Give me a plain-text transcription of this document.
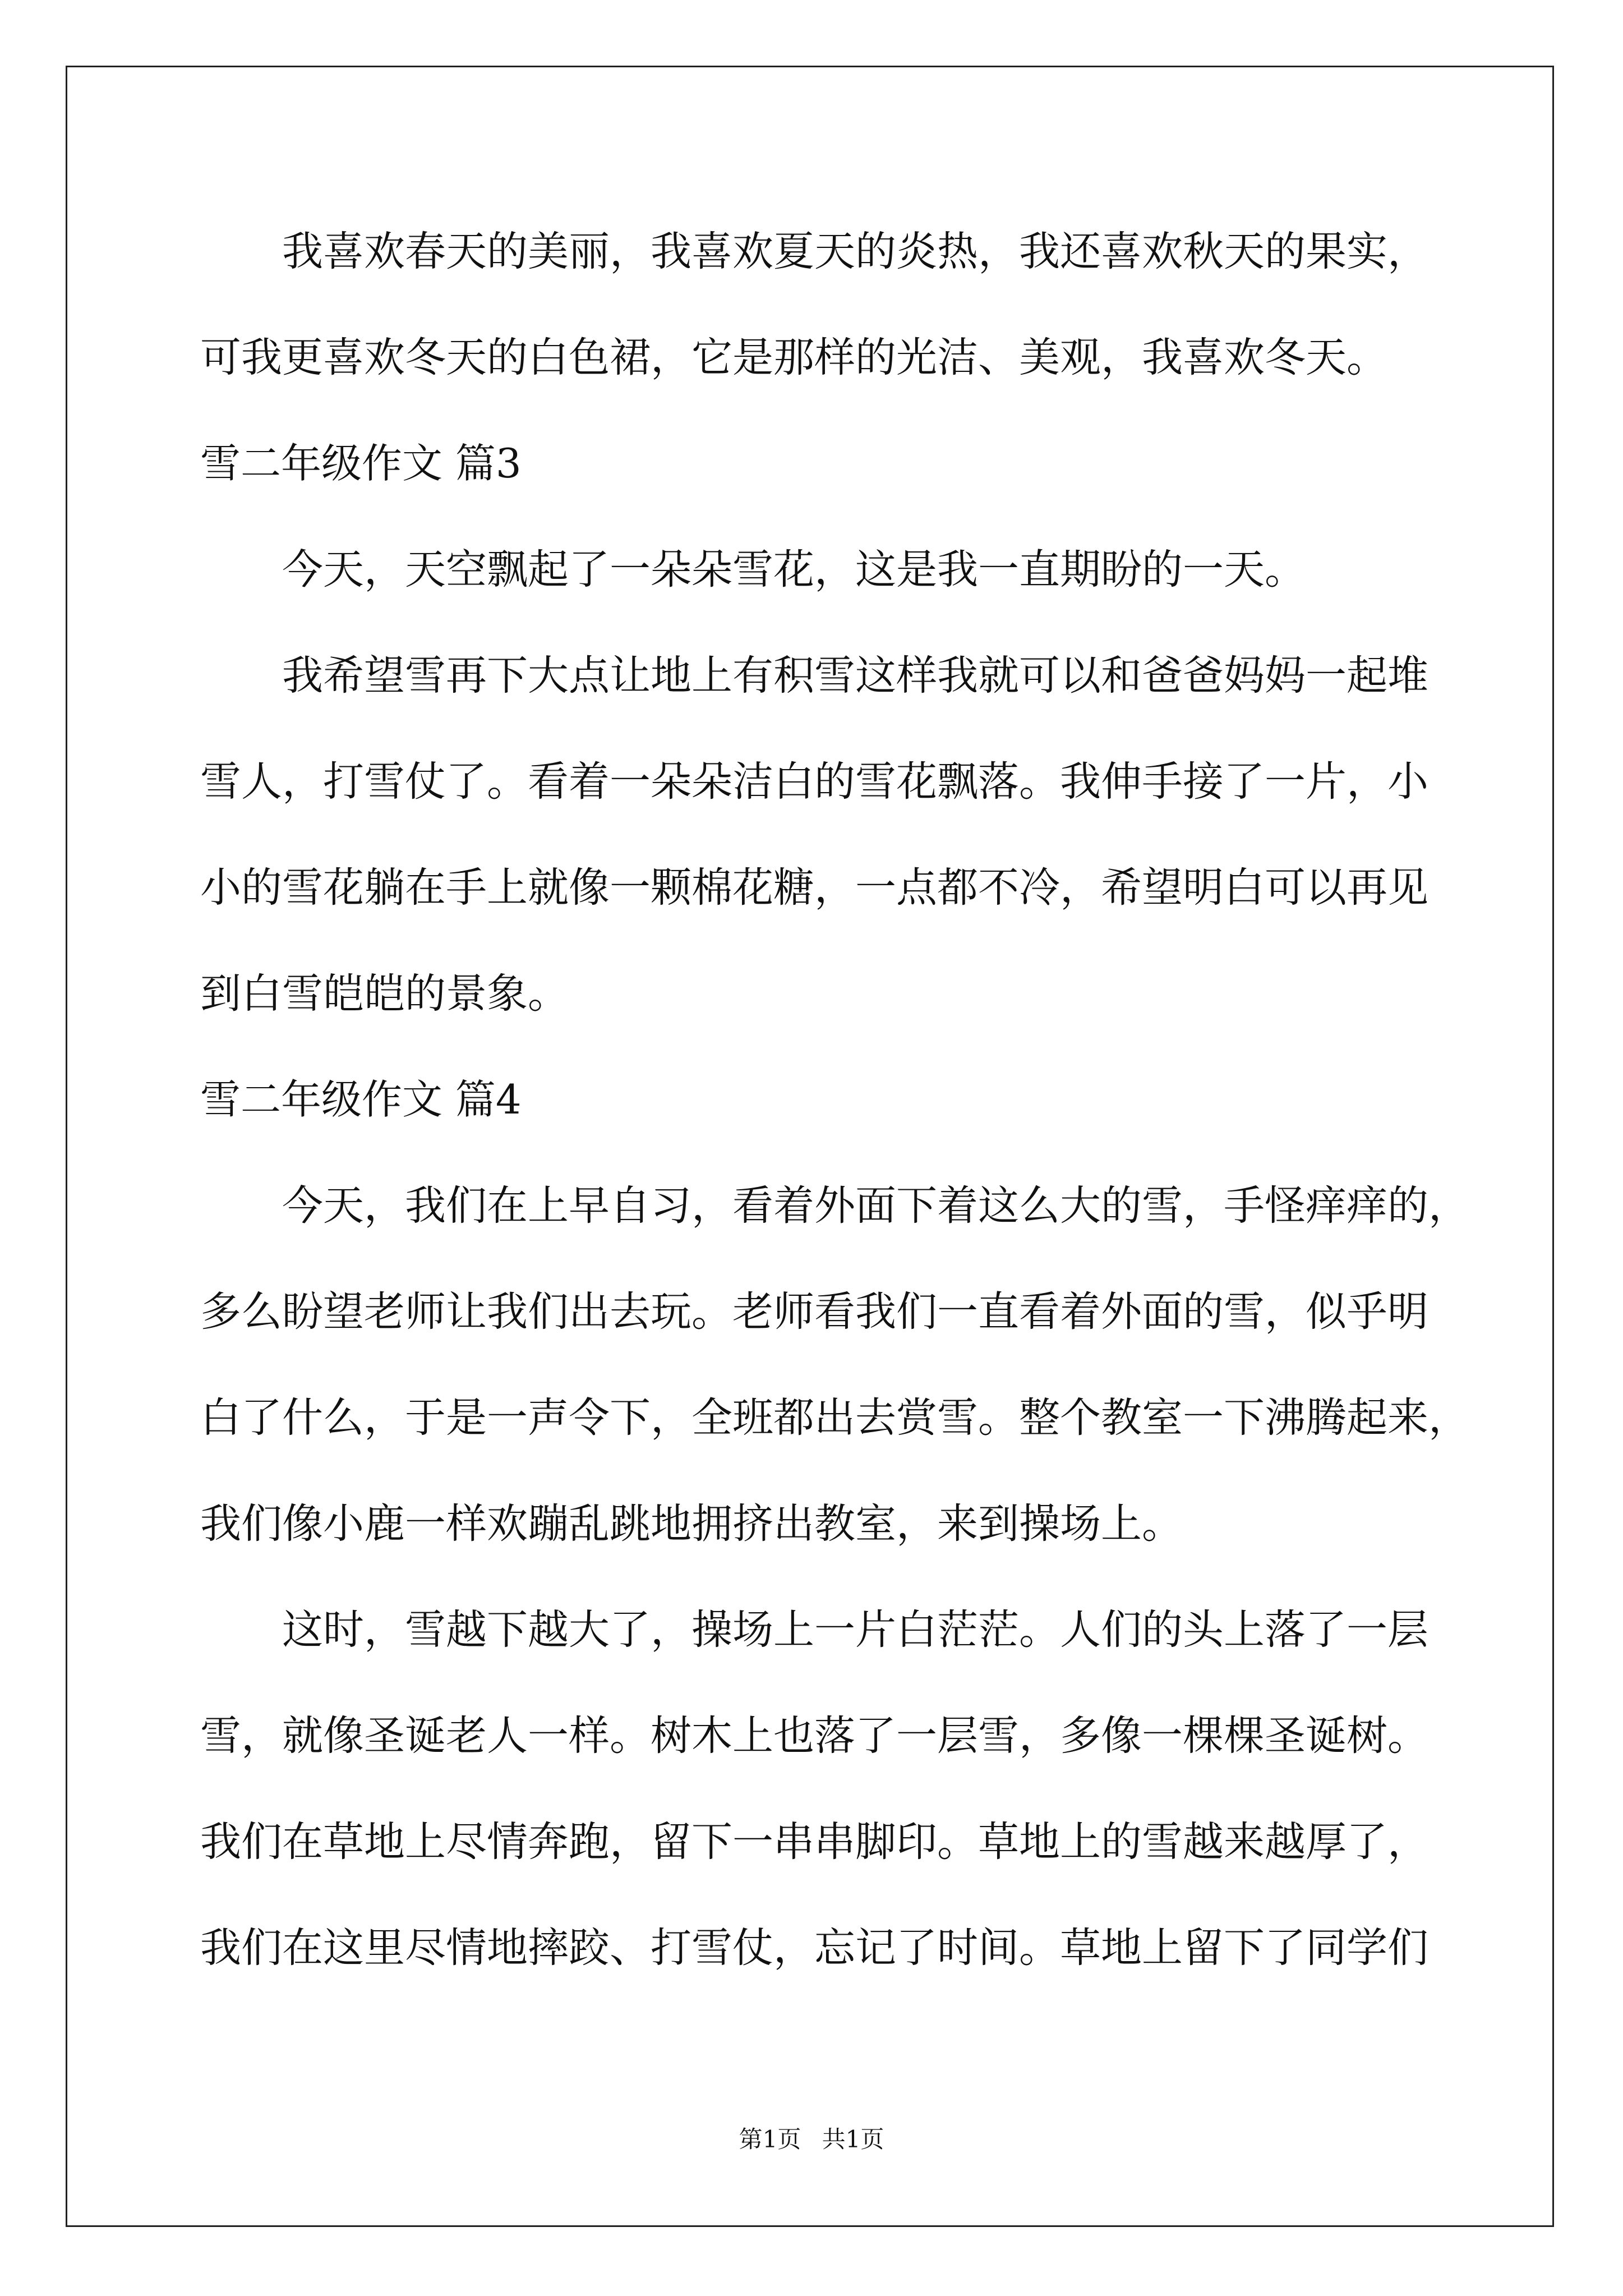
我喜欢春天的美丽，我喜欢夏天的炎热，我还喜欢秋天的果实，
可我更喜欢冬天的白色裙，它是那样的光洁、美观，我喜欢冬天。
雪二年级作文 篇3
今天，天空飘起了一朵朵雪花，这是我一直期盼的一天。
我希望雪再下大点让地上有积雪这样我就可以和爸爸妈妈一起堆
雪人，打雪仗了。看着一朵朵洁白的雪花飘落。我伸手接了一片，小
小的雪花躺在手上就像一颗棉花糖，一点都不冷，希望明白可以再见
到白雪皑皑的景象。
雪二年级作文 篇4
今天，我们在上早自习，看着外面下着这么大的雪，手怪痒痒的，
多么盼望老师让我们出去玩。老师看我们一直看着外面的雪，似乎明
白了什么，于是一声令下，全班都出去赏雪。整个教室一下沸腾起来，
我们像小鹿一样欢蹦乱跳地拥挤出教室，来到操场上。
这时，雪越下越大了，操场上一片白茫茫。人们的头上落了一层
雪，就像圣诞老人一样。树木上也落了一层雪，多像一棵棵圣诞树。
我们在草地上尽情奔跑，留下一串串脚印。草地上的雪越来越厚了，
我们在这里尽情地摔跤、打雪仗，忘记了时间。草地上留下了同学们
第1页 共1页
